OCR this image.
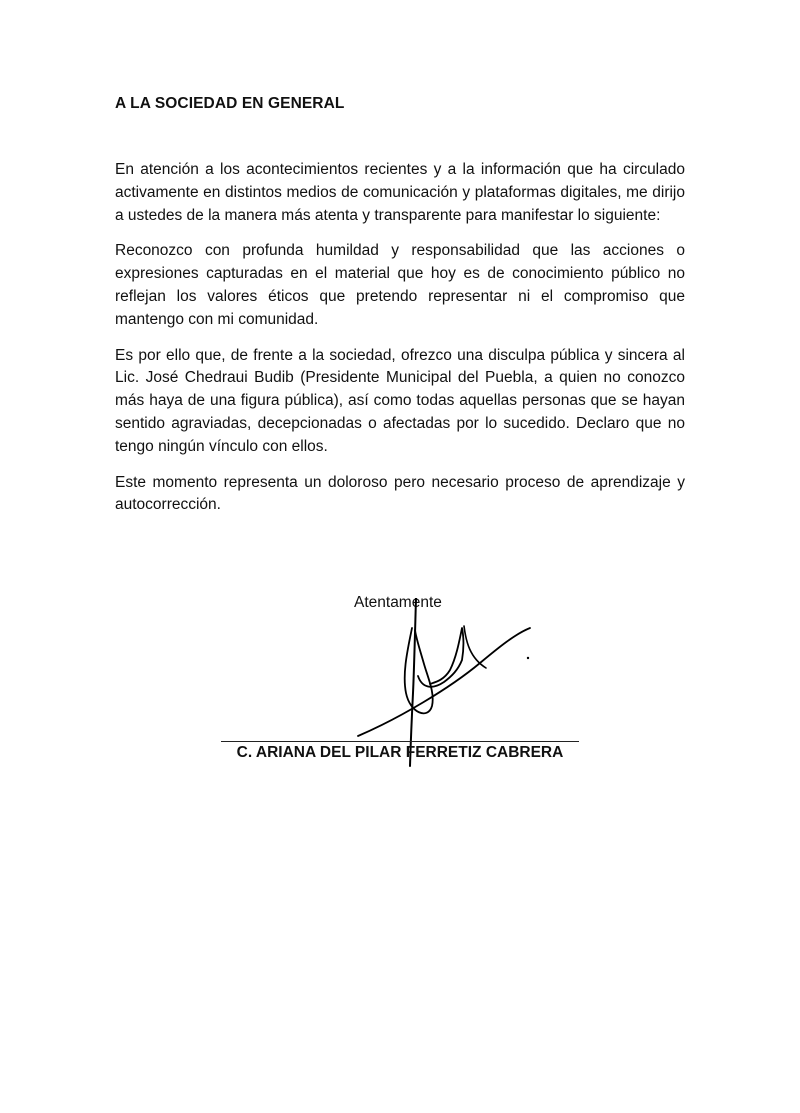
A LA SOCIEDAD EN GENERAL

En atención a los acontecimientos recientes y a la información que ha circulado activamente en distintos medios de comunicación y plataformas digitales, me dirijo a ustedes de la manera más atenta y transparente para manifestar lo siguiente:

Reconozco con profunda humildad y responsabilidad que las acciones o expresiones capturadas en el material que hoy es de conocimiento público no reflejan los valores éticos que pretendo representar ni el compromiso que mantengo con mi comunidad.

Es por ello que, de frente a la sociedad, ofrezco una disculpa pública y sincera al Lic. José Chedraui Budib (Presidente Municipal del Puebla, a quien no conozco más haya de una figura pública), así como todas aquellas personas que se hayan sentido agraviadas, decepcionadas o afectadas por lo sucedido. Declaro que no tengo ningún vínculo con ellos.

Este momento representa un doloroso pero necesario proceso de aprendizaje y autocorrección.

Atentamente

C. ARIANA DEL PILAR FERRETIZ CABRERA
